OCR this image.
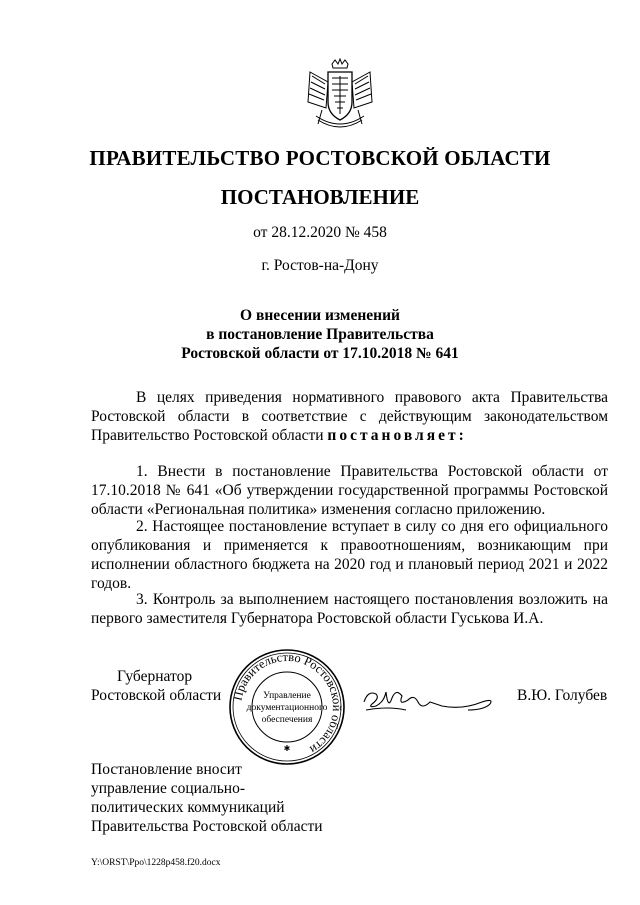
ПРАВИТЕЛЬСТВО РОСТОВСКОЙ ОБЛАСТИ
ПОСТАНОВЛЕНИЕ
от 28.12.2020 № 458
г. Ростов-на-Дону
О внесении изменений
в постановление Правительства
Ростовской области от 17.10.2018 № 641

В целях приведения нормативного правового акта Правительства Ростовской области в соответствие с действующим законодательством Правительство Ростовской области постановляет:

1. Внести в постановление Правительства Ростовской области от 17.10.2018 № 641 «Об утверждении государственной программы Ростовской области «Региональная политика» изменения согласно приложению.

2. Настоящее постановление вступает в силу со дня его официального опубликования и применяется к правоотношениям, возникающим при исполнении областного бюджета на 2020 год и плановый период 2021 и 2022 годов.

3. Контроль за выполнением настоящего постановления возложить на первого заместителя Губернатора Ростовской области Гуськова И.А.

Губернатор
Ростовской области Правительство Ростовской области
Управление
документационного
обеспечения
✱
В.Ю. Голубев
Постановление вносит
управление социально-
политических коммуникаций
Правительства Ростовской области
Y:\ORST\Ppo\1228p458.f20.docx
